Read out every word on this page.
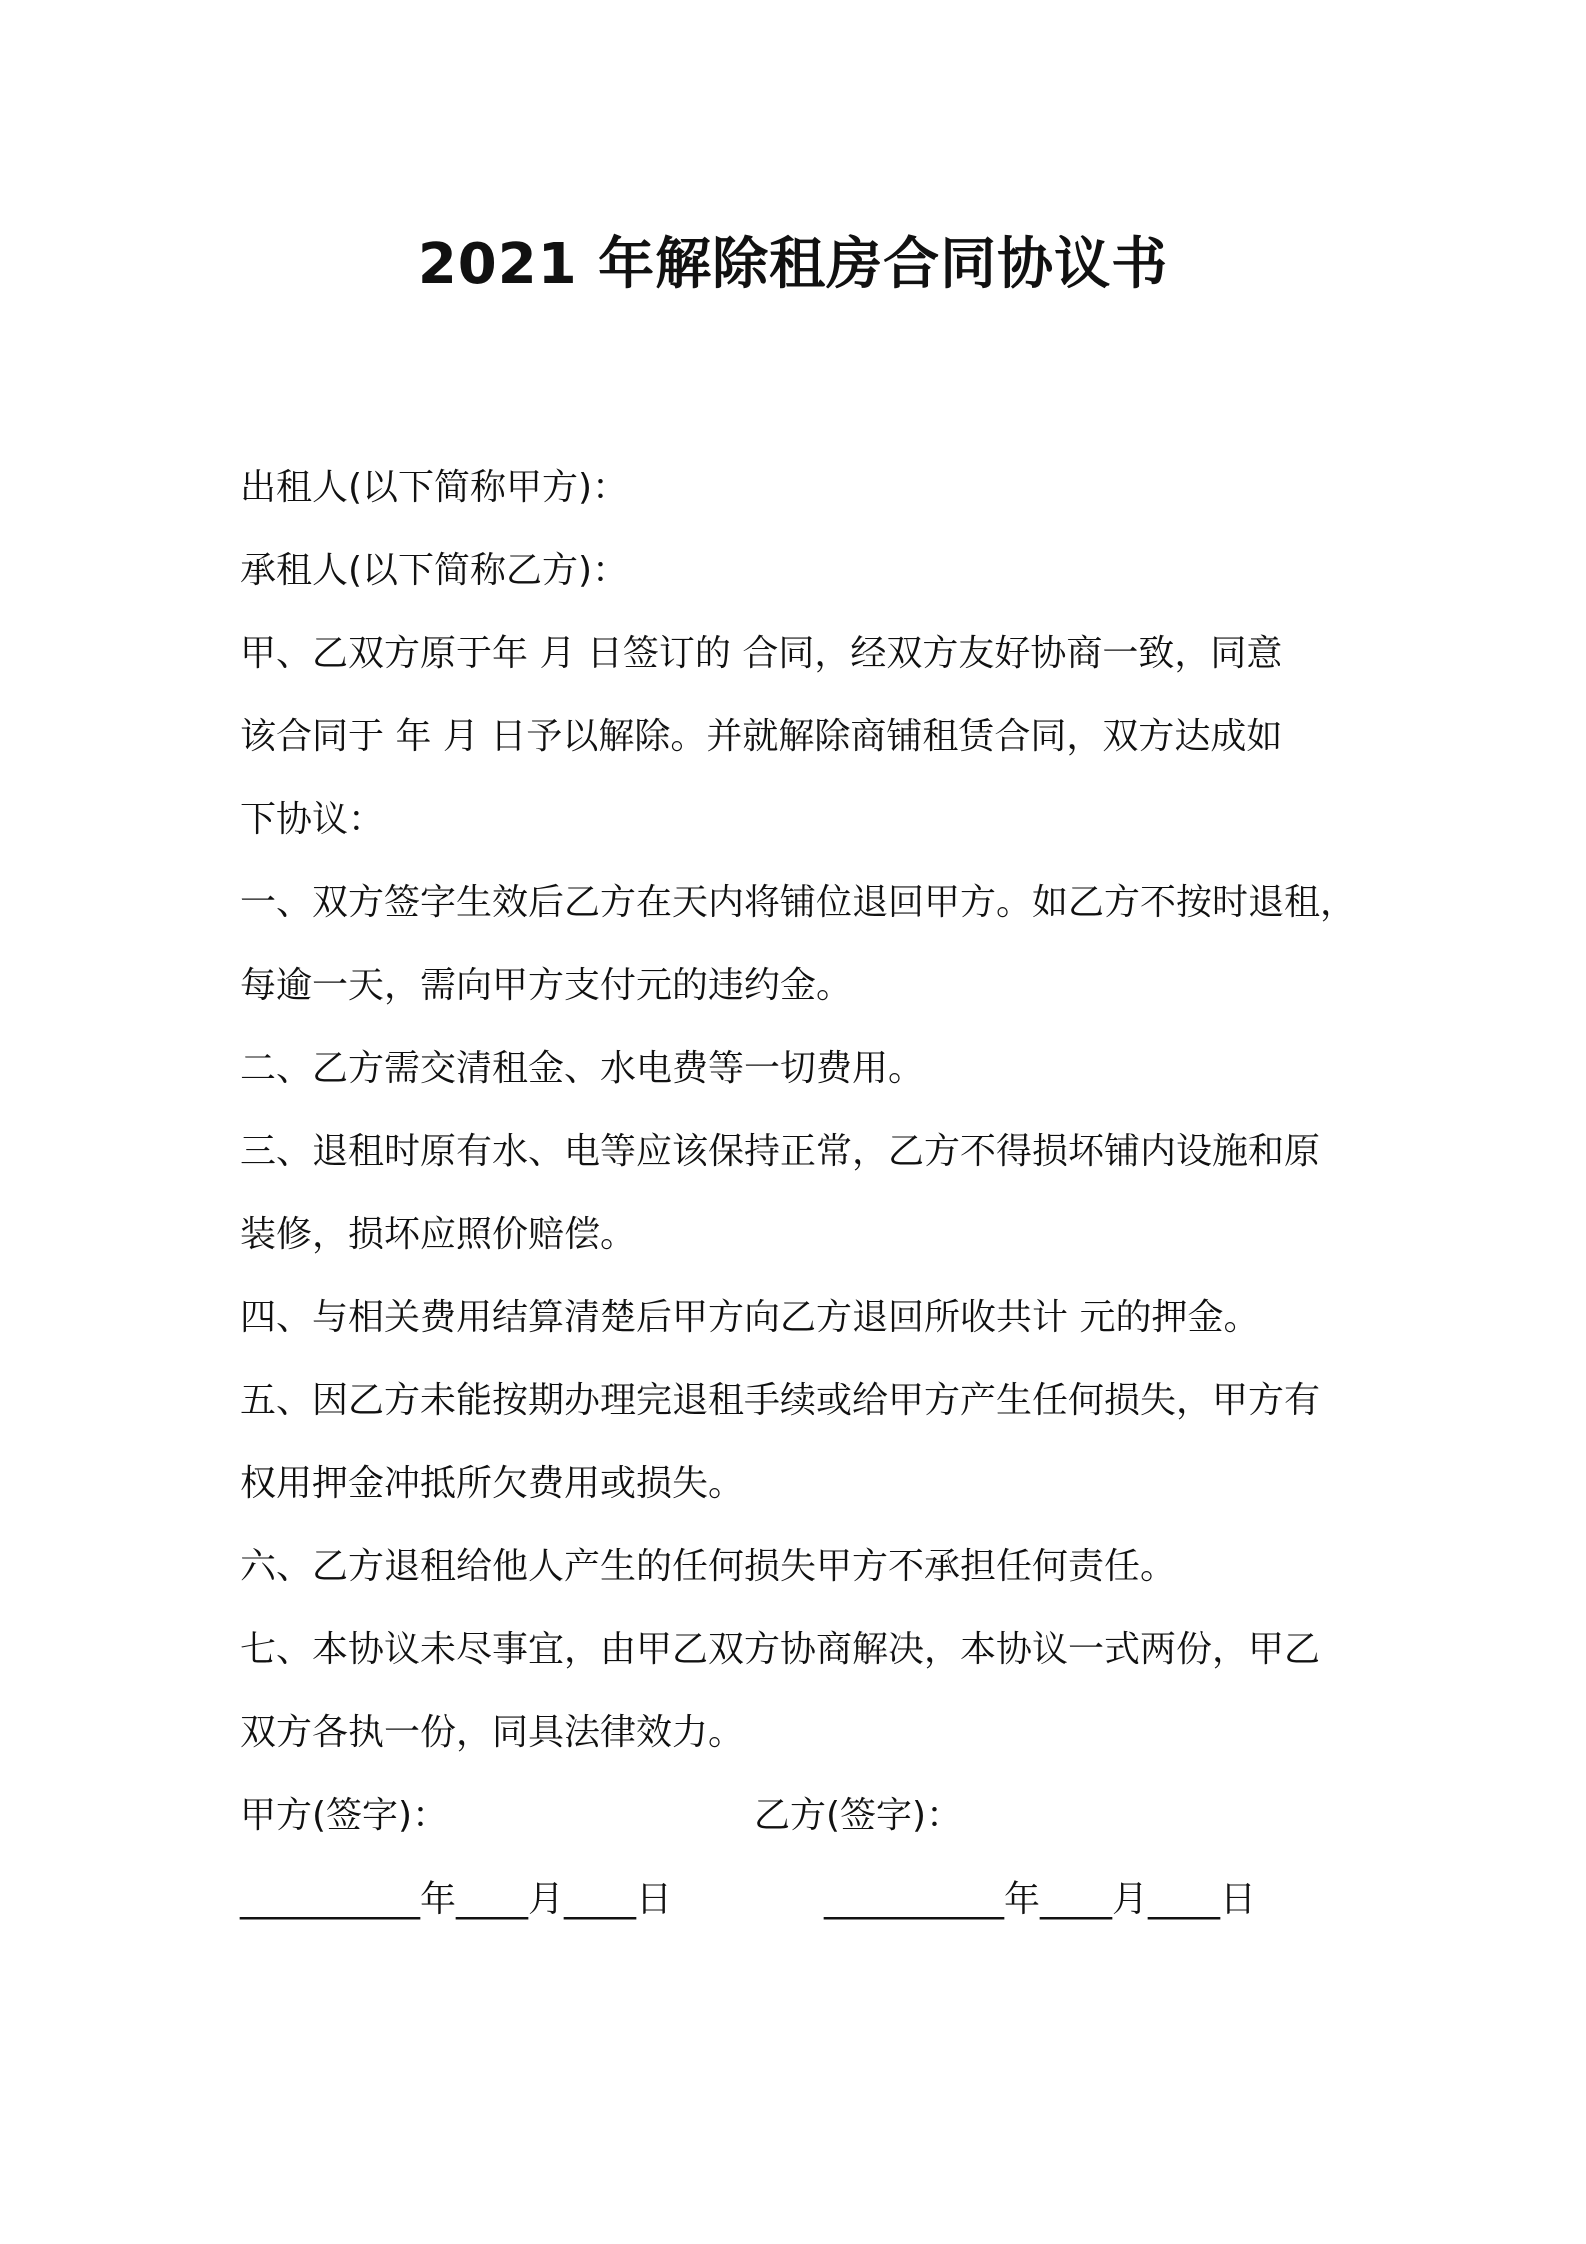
2021 年解除租房合同协议书
出租人(以下简称甲方)：
承租人(以下简称乙方)：
甲、乙双方原于年 月 日签订的 合同，经双方友好协商一致，同意
该合同于 年 月 日予以解除。并就解除商铺租赁合同，双方达成如
下协议：
一、双方签字生效后乙方在天内将铺位退回甲方。如乙方不按时退租，
每逾一天，需向甲方支付元的违约金。
二、乙方需交清租金、水电费等一切费用。
三、退租时原有水、电等应该保持正常，乙方不得损坏铺内设施和原
装修，损坏应照价赔偿。
四、与相关费用结算清楚后甲方向乙方退回所收共计 元的押金。
五、因乙方未能按期办理完退租手续或给甲方产生任何损失，甲方有
权用押金冲抵所欠费用或损失。
六、乙方退租给他人产生的任何损失甲方不承担任何责任。
七、本协议未尽事宜，由甲乙双方协商解决，本协议一式两份，甲乙
双方各执一份，同具法律效力。
甲方(签字)：	乙方(签字)：
__________年____月____日	__________年____月____日
